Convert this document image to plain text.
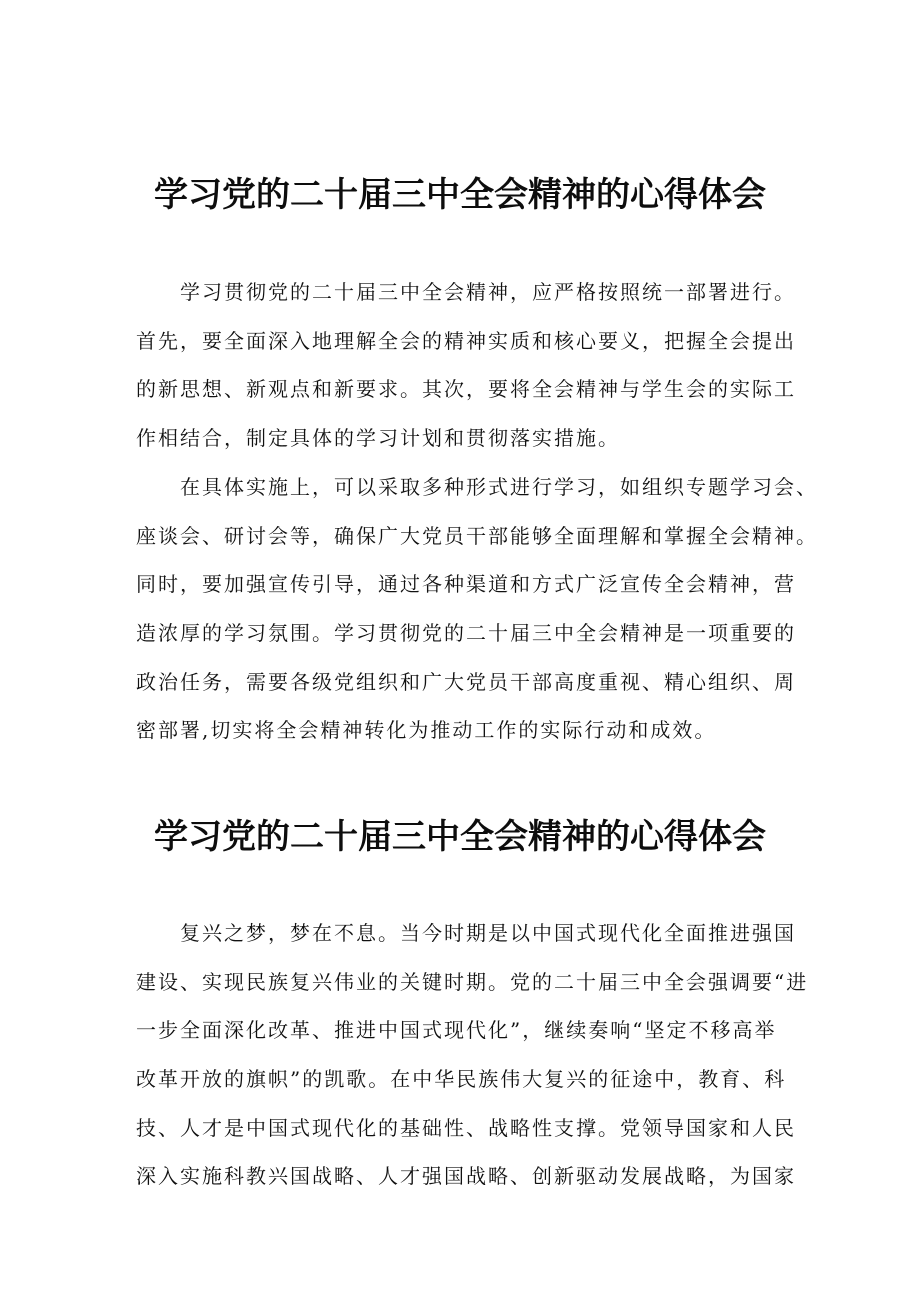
学习党的二十届三中全会精神的心得体会
学习贯彻党的二十届三中全会精神，应严格按照统一部署进行。
首先，要全面深入地理解全会的精神实质和核心要义，把握全会提出
的新思想、新观点和新要求。其次，要将全会精神与学生会的实际工
作相结合，制定具体的学习计划和贯彻落实措施。
在具体实施上，可以采取多种形式进行学习，如组织专题学习会、
座谈会、研讨会等，确保广大党员干部能够全面理解和掌握全会精神。
同时，要加强宣传引导，通过各种渠道和方式广泛宣传全会精神，营
造浓厚的学习氛围。学习贯彻党的二十届三中全会精神是一项重要的
政治任务，需要各级党组织和广大党员干部高度重视、精心组织、周
密部署,切实将全会精神转化为推动工作的实际行动和成效。
学习党的二十届三中全会精神的心得体会
复兴之梦，梦在不息。当今时期是以中国式现代化全面推进强国
建设、实现民族复兴伟业的关键时期。党的二十届三中全会强调要“进
一步全面深化改革、推进中国式现代化”，继续奏响“坚定不移高举
改革开放的旗帜”的凯歌。在中华民族伟大复兴的征途中，教育、科
技、人才是中国式现代化的基础性、战略性支撑。党领导国家和人民
深入实施科教兴国战略、人才强国战略、创新驱动发展战略，为国家
